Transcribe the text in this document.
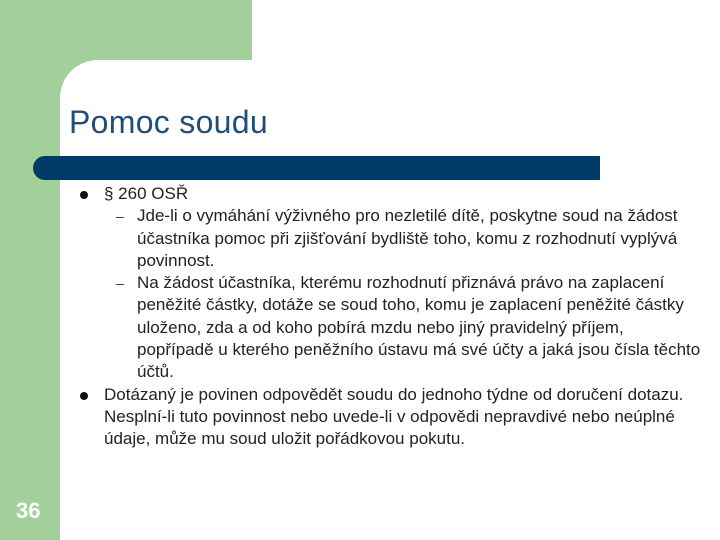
Pomoc soudu
§ 260 OSŘ
– Jde-li o vymáhání výživného pro nezletilé dítě, poskytne soud na žádost účastníka pomoc při zjišťování bydliště toho, komu z rozhodnutí vyplývá povinnost.
– Na žádost účastníka, kterému rozhodnutí přiznává právo na zaplacení peněžité částky, dotáže se soud toho, komu je zaplacení peněžité částky uloženo, zda a od koho pobírá mzdu nebo jiný pravidelný příjem, popřípadě u kterého peněžního ústavu má své účty a jaká jsou čísla těchto účtů.
Dotázaný je povinen odpovědět soudu do jednoho týdne od doručení dotazu. Nesplní-li tuto povinnost nebo uvede-li v odpovědi nepravdivé nebo neúplné údaje, může mu soud uložit pořádkovou pokutu.
36
